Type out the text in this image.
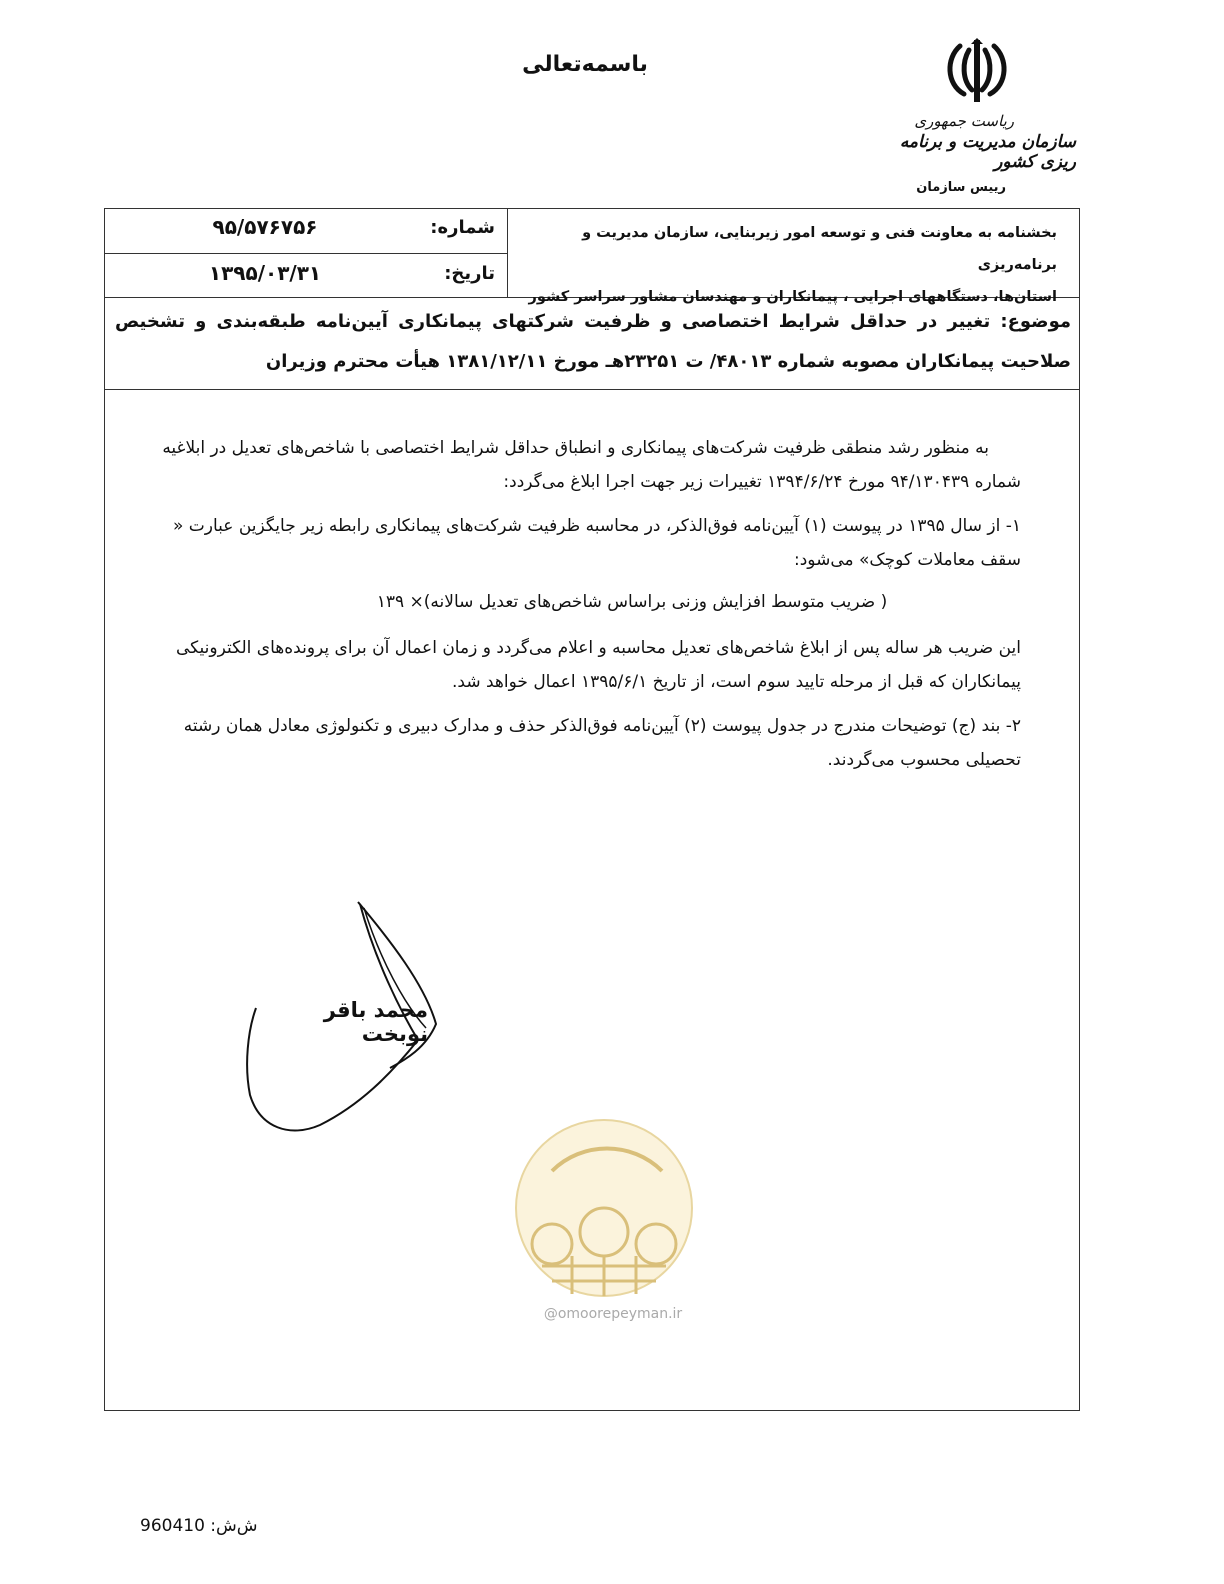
باسمه‌تعالی
ریاست جمهوری
سازمان مدیریت و برنامه ریزی کشور
رییس سازمان
شماره:
۹۵/۵۷۶۷۵۶
تاریخ:
۱۳۹۵/۰۳/۳۱
بخشنامه به معاونت فنی و توسعه امور زیربنایی، سازمان مدیریت و برنامه‌ریزی
استان‌ها، دستگاههای اجرایی ، پیمانکاران و مهندسان مشاور سراسر کشور
موضوع: تغییر در حداقل شرایط اختصاصی و ظرفیت شرکتهای پیمانکاری آیین‌نامه طبقه‌بندی و تشخیص صلاحیت پیمانکاران مصوبه شماره ۴۸۰۱۳/ ت ۲۳۲۵۱هـ مورخ ۱۳۸۱/۱۲/۱۱ هیأت محترم وزیران

به منظور رشد منطقی ظرفیت شرکت‌های پیمانکاری و انطباق حداقل شرایط اختصاصی با شاخص‌های تعدیل در ابلاغیه شماره ۹۴/۱۳۰۴۳۹ مورخ ۱۳۹۴/۶/۲۴ تغییرات زیر جهت اجرا ابلاغ می‌گردد:

۱- از سال ۱۳۹۵ در پیوست (۱) آیین‌نامه فوق‌الذکر، در محاسبه ظرفیت شرکت‌های پیمانکاری رابطه زیر جایگزین عبارت « سقف معاملات کوچک» می‌شود:

( ضریب متوسط افزایش وزنی براساس شاخص‌های تعدیل سالانه)× ۱۳۹

این ضریب هر ساله پس از ابلاغ شاخص‌های تعدیل محاسبه و اعلام می‌گردد و زمان اعمال آن برای پرونده‌های الکترونیکی پیمانکاران که قبل از مرحله تایید سوم است، از تاریخ ۱۳۹۵/۶/۱ اعمال خواهد شد.

۲- بند (ج) توضیحات مندرج در جدول پیوست (۲) آیین‌نامه فوق‌الذکر حذف و مدارک دبیری و تکنولوژی معادل همان رشته تحصیلی محسوب می‌گردند.

محمد باقر نوبخت
@omoorepeyman.ir
ش‌ش: 960410
